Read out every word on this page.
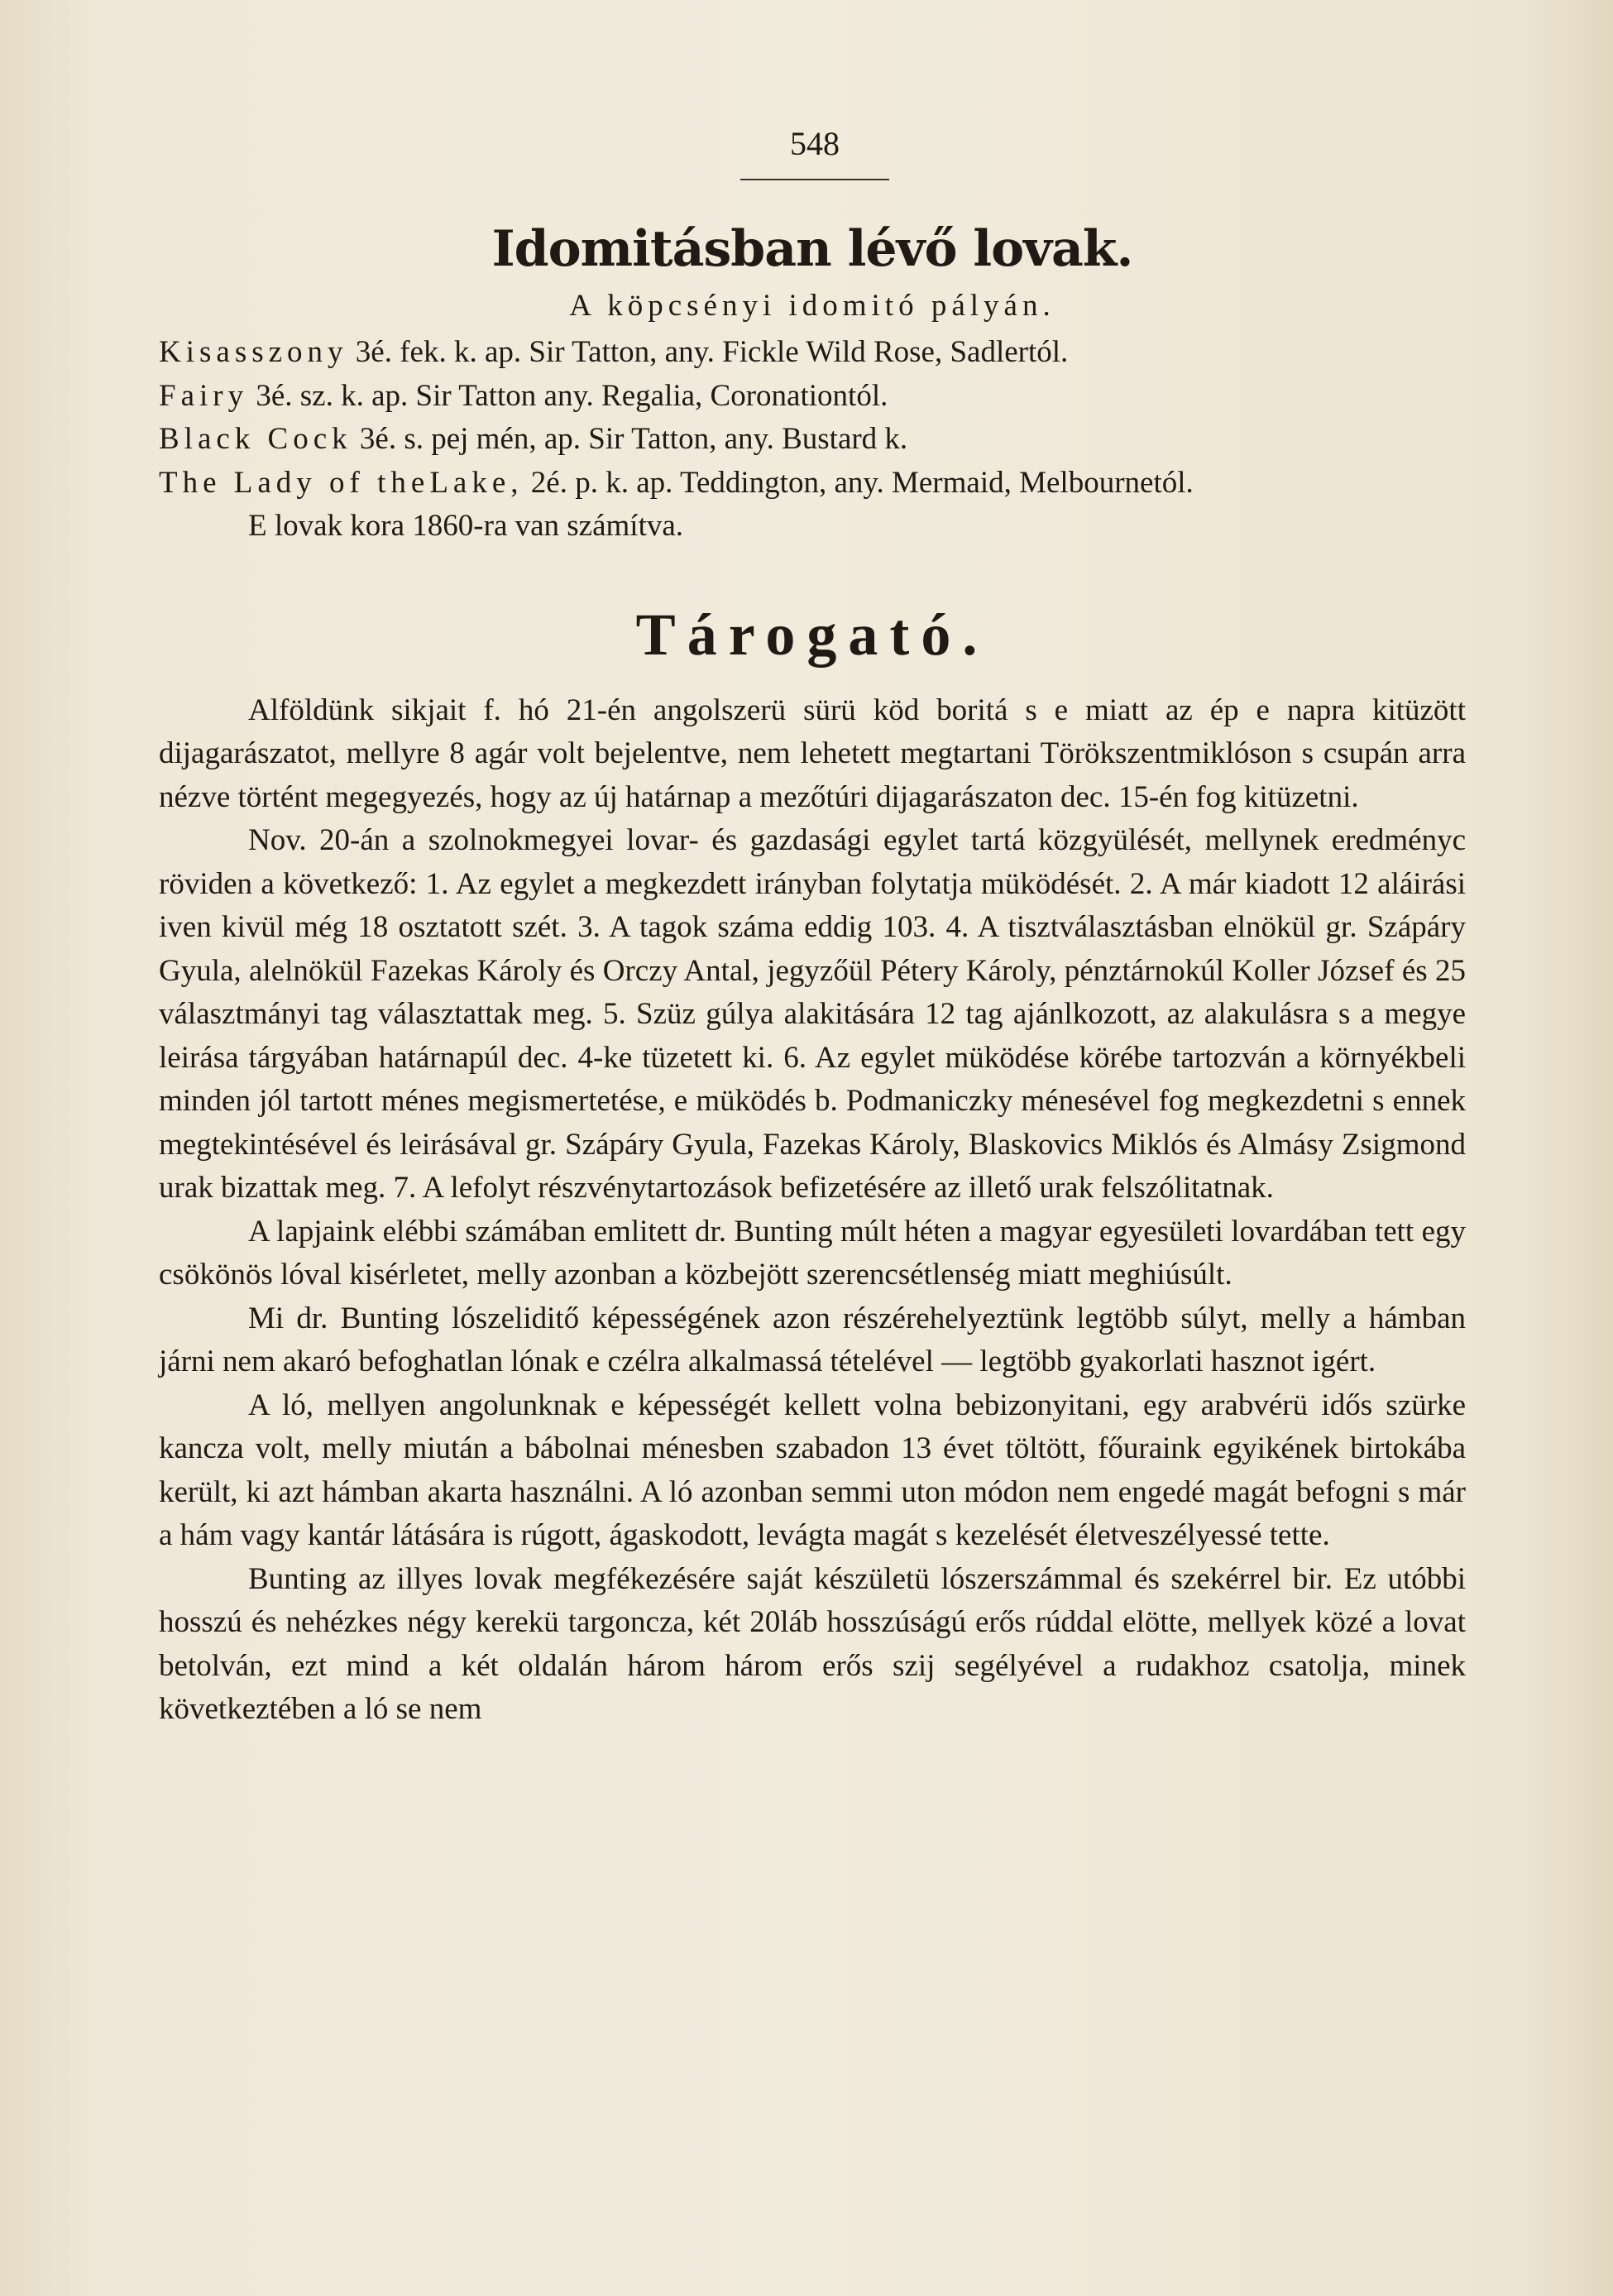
548
Idomitásban lévő lovak.
A köpcsényi idomitó pályán.
Kisasszony 3é. fek. k. ap. Sir Tatton, any. Fickle Wild Rose, Sadlertól.
Fairy 3é. sz. k. ap. Sir Tatton any. Regalia, Coronationtól.
Black Cock 3é. s. pej mén, ap. Sir Tatton, any. Bustard k.
The Lady of theLake, 2é. p. k. ap. Teddington, any. Mermaid, Melbournetól.
E lovak kora 1860-ra van számítva.
Tárogató.

Alföldünk sikjait f. hó 21-én angolszerü sürü köd boritá s e miatt az ép e napra kitüzött dijagarászatot, mellyre 8 agár volt bejelentve, nem lehetett megtartani Törökszentmiklóson s csupán arra nézve történt megegyezés, hogy az új határnap a mezőtúri dijagarászaton dec. 15-én fog kitüzetni.

Nov. 20-án a szolnokmegyei lovar- és gazdasági egylet tartá közgyülését, mellynek eredményc röviden a következő: 1. Az egylet a megkezdett irányban folytatja müködését. 2. A már kiadott 12 aláirási iven kivül még 18 osztatott szét. 3. A tagok száma eddig 103. 4. A tisztválasztásban elnökül gr. Szápáry Gyula, alelnökül Fazekas Károly és Orczy Antal, jegyzőül Pétery Károly, pénztárnokúl Koller József és 25 választmányi tag választattak meg. 5. Szüz gúlya alakitására 12 tag ajánlkozott, az alakulásra s a megye leirása tárgyában határnapúl dec. 4-ke tüzetett ki. 6. Az egylet müködése körébe tartozván a környékbeli minden jól tartott ménes megismertetése, e müködés b. Podmaniczky ménesével fog megkezdetni s ennek megtekintésével és leirásával gr. Szápáry Gyula, Fazekas Károly, Blaskovics Miklós és Almásy Zsigmond urak bizattak meg. 7. A lefolyt részvénytartozások befizetésére az illető urak felszólitatnak.

A lapjaink elébbi számában emlitett dr. Bunting múlt héten a magyar egyesületi lovardában tett egy csökönös lóval kisérletet, melly azonban a közbejött szerencsétlenség miatt meghiúsúlt.

Mi dr. Bunting lószeliditő képességének azon részérehelyeztünk legtöbb súlyt, melly a hámban járni nem akaró befoghatlan lónak e czélra alkalmassá tételével — legtöbb gyakorlati hasznot igért.

A ló, mellyen angolunknak e képességét kellett volna bebizonyitani, egy arabvérü idős szürke kancza volt, melly miután a bábolnai ménesben szabadon 13 évet töltött, főuraink egyikének birtokába került, ki azt hámban akarta használni. A ló azonban semmi uton módon nem engedé magát befogni s már a hám vagy kantár látására is rúgott, ágaskodott, levágta magát s kezelését életveszélyessé tette.

Bunting az illyes lovak megfékezésére saját készületü lószerszámmal és szekérrel bir. Ez utóbbi hosszú és nehézkes négy kerekü targoncza, két 20láb hosszúságú erős rúddal elötte, mellyek közé a lovat betolván, ezt mind a két oldalán három három erős szij segélyével a rudakhoz csatolja, minek következtében a ló se nem
